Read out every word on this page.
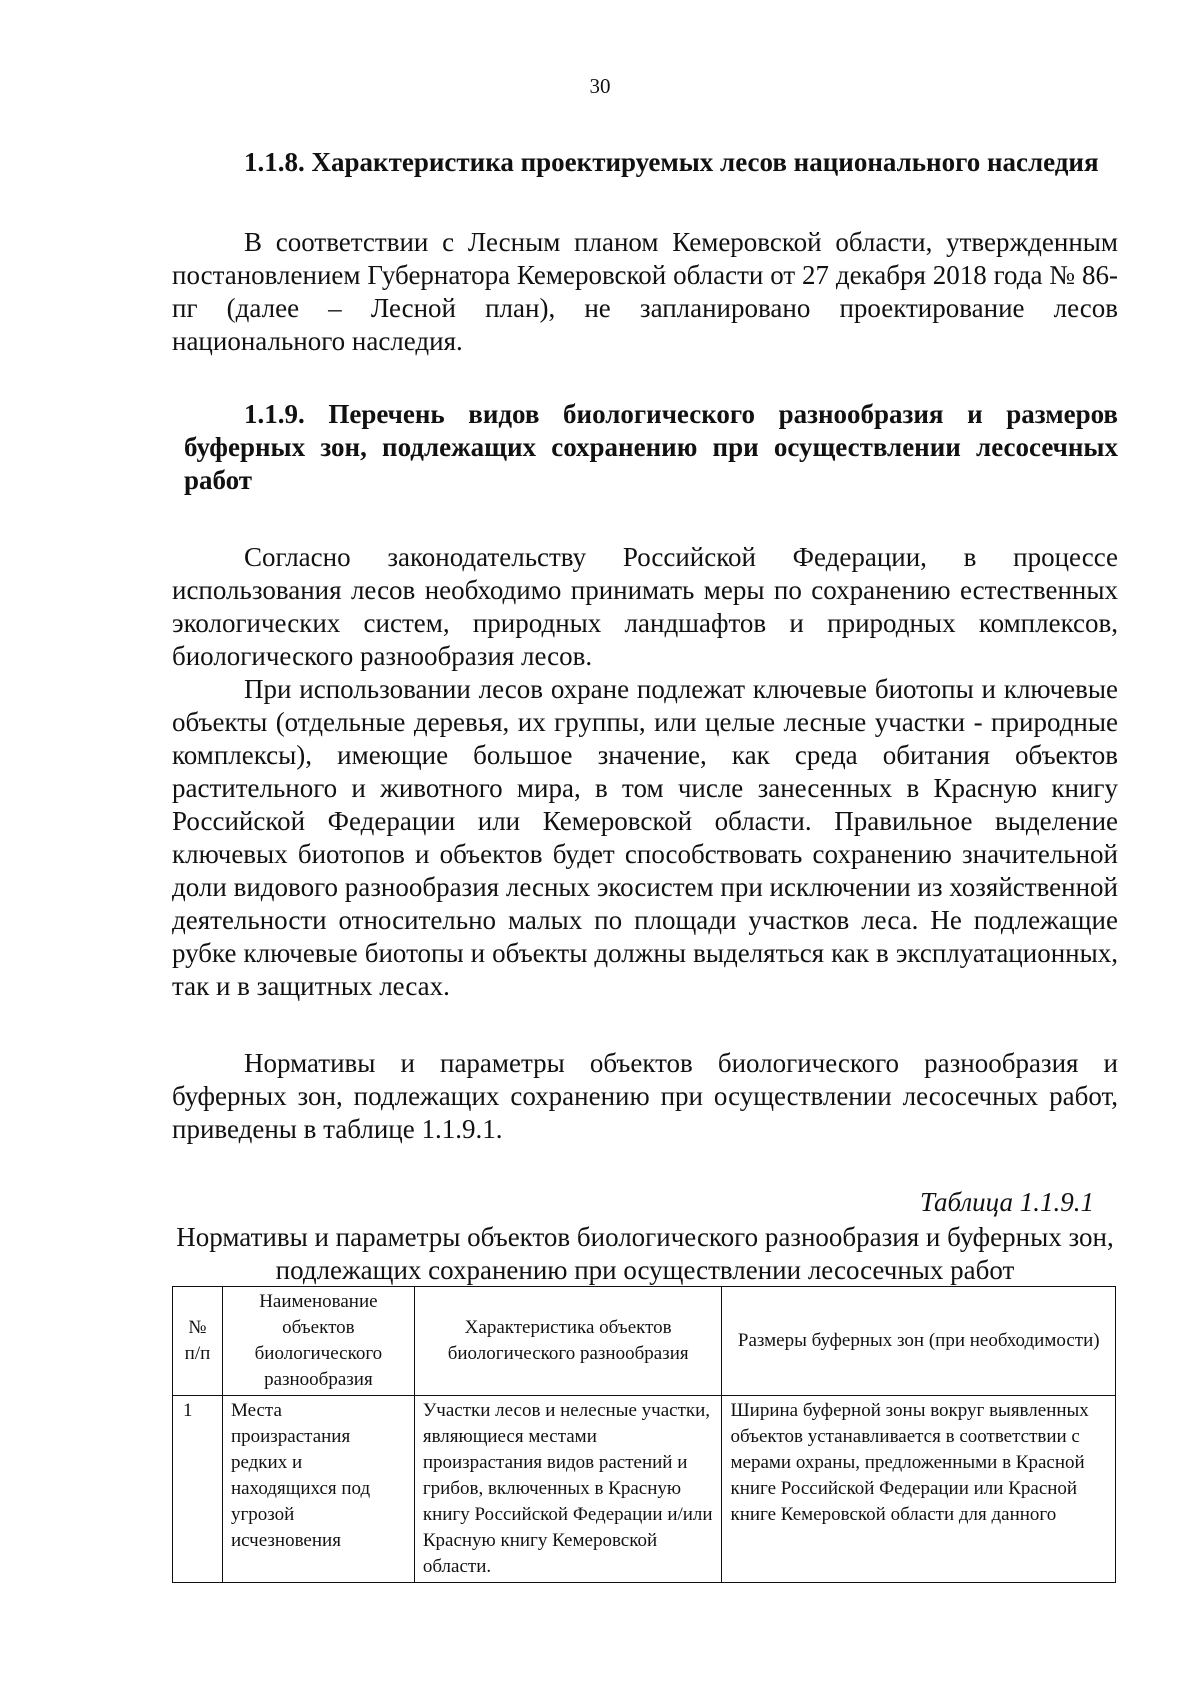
30

1.1.8. Характеристика проектируемых лесов национального наследия

В соответствии с Лесным планом Кемеровской области, утвержденным постановлением Губернатора Кемеровской области от 27 декабря 2018 года № 86-пг (далее – Лесной план), не запланировано проектирование лесов национального наследия.

1.1.9. Перечень видов биологического разнообразия и размеров буферных зон, подлежащих сохранению при осуществлении лесосечных работ

Согласно законодательству Российской Федерации, в процессе использования лесов необходимо принимать меры по сохранению естественных экологических систем, природных ландшафтов и природных комплексов, биологического разнообразия лесов.

При использовании лесов охране подлежат ключевые биотопы и ключевые объекты (отдельные деревья, их группы, или целые лесные участки - природные комплексы), имеющие большое значение, как среда обитания объектов растительного и животного мира, в том числе занесенных в Красную книгу Российской Федерации или Кемеровской области. Правильное выделение ключевых биотопов и объектов будет способствовать сохранению значительной доли видового разнообразия лесных экосистем при исключении из хозяйственной деятельности относительно малых по площади участков леса. Не подлежащие рубке ключевые биотопы и объекты должны выделяться как в эксплуатационных, так и в защитных лесах.

Нормативы и параметры объектов биологического разнообразия и буферных зон, подлежащих сохранению при осуществлении лесосечных работ, приведены в таблице 1.1.9.1.

Таблица 1.1.9.1
Нормативы и параметры объектов биологического разнообразия и буферных зон, подлежащих сохранению при осуществлении лесосечных работ
№ п/п	Наименование объектов биологического разнообразия	Характеристика объектов биологического разнообразия	Размеры буферных зон (при необходимости)
1	Места произрастания редких и находящихся под угрозой исчезновения	Участки лесов и нелесные участки, являющиеся местами произрастания видов растений и грибов, включенных в Красную книгу Российской Федерации и/или Красную книгу Кемеровской области.	Ширина буферной зоны вокруг выявленных объектов устанавливается в соответствии с мерами охраны, предложенными в Красной книге Российской Федерации или Красной книге Кемеровской области для данного
